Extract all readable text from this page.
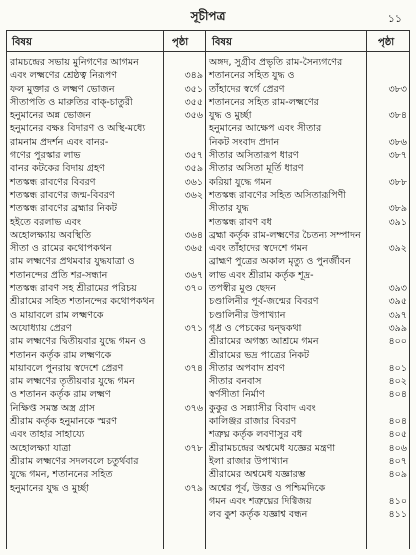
সূচীপত্র	১১
বিষয়	পৃষ্ঠা বিষয়	পৃষ্ঠা
রামচন্দ্রের সভায় মুনিগণের আগমন
এবং লক্ষ্মণের শ্রেষ্ঠত্ব নিরূপণ	৩৪৯
ফল মুক্তার ও লক্ষ্মণ ভোজন	৩৫১
সীতাপতি ও মারুতির বাক্‌-চাতুরী	৩৫৫
হনুমানের অন্ন ভোজন	৩৫৬
হনুমানের বক্ষঃ বিদারণ ও অস্থি-মধ্যে
রামনাম প্রদর্শন এবং বানর-
গণের পুরস্কার লাভ	৩৫৭
বানর কটকের বিদায় গ্রহণ	৩৫৯
শতস্কন্ধ রাবণের বিবরণ	৩৬১
শতস্কন্ধ রাবণের জন্ম-বিবরণ	৩৬২
শতস্কন্ধ রাবণের ব্রহ্মার নিকট
হইতে বরলাভ এবং
অহোলক্ষ্যায় অবস্থিতি	৩৬৪
সীতা ও রামের কথোপকথন	৩৬৫
রাম লক্ষ্মণের প্রথমবার যুদ্ধযাত্রা ও
শতানন্দের প্রতি শর-সন্ধান	৩৬৭
শতস্কন্ধ রাবণ সহ শ্রীরামের পরিচয়	৩৭০
শ্রীরামের সহিত শতানন্দের কথোপকথন
ও মায়াবলে রাম লক্ষ্মণকে
অযোধ্যায় প্রেরণ	৩৭১
রাম লক্ষ্মণের দ্বিতীয়বার যুদ্ধে গমন ও
শতানন কর্তৃক রাম লক্ষ্মণকে
মায়াবলে পুনরায় স্বদেশে প্রেরণ	৩৭৪
রাম লক্ষ্মণের তৃতীয়বার যুদ্ধে গমন
ও শতানন কর্তৃক রাম লক্ষ্মণ
নিক্ষিপ্ত সমস্ত অস্ত্র গ্রাস	৩৭৬
শ্রীরাম কর্তৃক হনুমানকে স্মরণ
এবং তাহার সাহায্যে
অহোলক্ষ্যা যাত্রা	৩৭৮
শ্রীরাম লক্ষ্মণের সদলবলে চতুর্থবার
যুদ্ধে গমন, শতাননের সহিত
হনুমানের যুদ্ধ ও মুর্চ্ছা	৩৭৯
অঙ্গদ, সুগ্রীব প্রভৃতি রাম-সৈন্যগণের
শতাননের সহিত যুদ্ধ ও
তাঁহাদের স্বর্গে প্রেরণ	৩৮৩
শতাননের সহিত রাম-লক্ষ্মণের
যুদ্ধ ও মুর্চ্ছা	৩৮৪
হনুমানের আক্ষেপ এবং সীতার
নিকট সংবাদ প্রদান	৩৮৬
সীতার অসিতারূপ ধারণ	৩৮৭
সীতার অসিতা মূর্তি ধারণ
করিয়া যুদ্ধে গমন	৩৮৮
শতস্কন্ধ রাবণের সহিত অসিতারূপিণী
সীতার যুদ্ধ	৩৮৯
শতস্কন্ধ রাবণ বধ	৩৯১
ব্রহ্মা কর্তৃক রাম-লক্ষ্মণের চৈতন্য সম্পাদন
এবং তাঁহাদের স্বদেশে গমন	৩৯২
ব্রাহ্মণ পুত্রের অকাল মৃত্যু ও পুনর্জীবন
লাভ এবং শ্রীরাম কর্তৃক শূদ্র-
তপস্বীর মুণ্ড ছেদন	৩৯৩
চণ্ডালিনীর পূর্ব-জন্মের বিবরণ	৩৯৫
চণ্ডালিনীর উপাখ্যান	৩৯৭
গৃধ্র ও পেচকের দ্বন্দ্বকথা	৩৯৯
শ্রীরামের অগস্ত্য আশ্রমে গমন	৪০০
শ্রীরামের ভদ্র পাত্রের নিকট
সীতার অপবাদ শ্রবণ	৪০১
সীতার বনবাস	৪০২
স্বর্ণসীতা নির্মাণ	৪০৪
কুকুর ও সন্ন্যাসীর বিবাদ এবং
কালিঞ্জর রাজার বিবরণ	৪০৪
শত্রুঘ্ন কর্তৃক লবণাসুর বধ	৪০৫
শ্রীরামচন্দ্রের অশ্বমেধ যজ্ঞের মন্ত্রণা	৪০৬
ইলা রাজার উপাখ্যান	৪০৭
শ্রীরামের অশ্বমেধ যজ্ঞারম্ভ	৪০৯
অশ্বের পূর্ব, উত্তর ও পশ্চিমদিকে
গমন এবং শত্রুঘ্নের দিগ্বিজয়	৪১০
লব কুশ কর্তৃক যজ্ঞাশ্ব বন্ধন	৪১১
